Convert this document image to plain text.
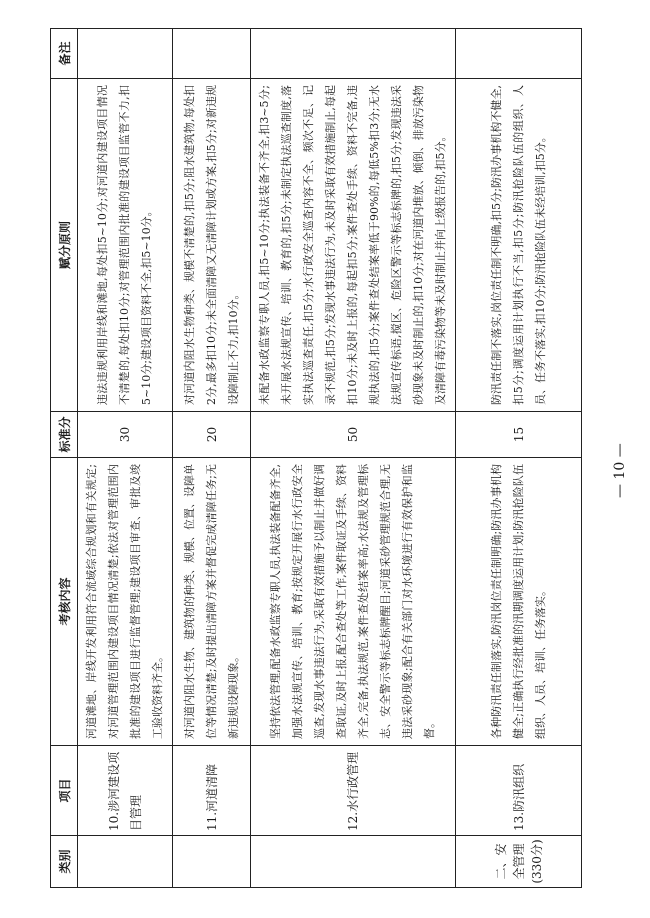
类别	项目	考核内容	标准分	赋分原则	备注
	10.涉河建设项目管理	河道滩地、岸线开发利用符合流域综合规划和有关规定;对河道管理范围内建设项目情况清楚;依法对管理范围内批准的建设项目进行监督管理;建设项目审查、审批及竣工验收资料齐全。	30	违法违规利用岸线和滩地,每处扣5~10分;对河道内建设项目情况不清楚的,每处扣10分;对管理范围内批准的建设项目监管不力,扣5~10分;建设项目资料不全,扣5~10分。	
	11.河道清障	对河道内阻水生物、建筑物的种类、规模、位置、设障单位等情况清楚;及时提出清障方案并督促完成清障任务;无新违规设障现象。	20	对河道内阻水生物种类、规模不清楚的,扣5分;阻水建筑物,每处扣2分,最多扣10分;未全面清障又无清障计划或方案,扣5分;对新违规设障制止不力,扣10分。	
	12.水行政管理	坚持依法管理,配备水政监察专职人员,执法装备配备齐全,加强水法规宣传、培训、教育;按规定开展行水行政安全巡查,发现水事违法行为,采取有效措施予以制止并做好调查取证,及时上报,配合查处等工作,案件取证及手续、资料齐全,完备,执法规范,案件查处结案率高;水法规及管理标志、安全警示等标志标牌醒目;河道采砂管理规范合理,无违法采砂现象;配合有关部门对水环境进行有效保护和监督。	50	未配备水政监察专职人员,扣5~10分;执法装备不齐全,扣3~5分;未开展水法规宣传、培训、教育的,扣5分;未制定执法巡查制度,落实执法巡查责任,扣5分;水行政安全巡查内容不全、频次不足、记录不规范,扣5分;发现水事违法行为,未及时采取有效措施制止,每起扣10分;未及时上报的,每起扣5分;案件查处手续、资料不完备,违规执法的,扣5分;案件查处结案率低于90%的,每低5%扣3分;无水法规宣传标语,搅区、危险区警示等标志标牌的,扣5分;发现违法采砂现象未及时制止的,扣10分;对在河道内堆放、倾倒、排放污染物及清障有毒污染物等未及时制止并向上级报告的,扣5分。	
二、安全管理(330分)	13.防汛组织	各种防汛责任制落实,防汛岗位责任制明确;防汛办事机构健全;正确执行经批准的汛期调度运用计划;防汛抢险队伍组织、人员、培训、任务落实。	15	防汛责任制不落实,岗位责任制不明确,扣5分;防汛办事机构不健全,扣5分;调度运用计划执行不当,扣5分;防汛抢险队伍的组织、人员、任务不落实,扣10分;防汛抢险队伍未经培训,扣5分。	
— 10 —
